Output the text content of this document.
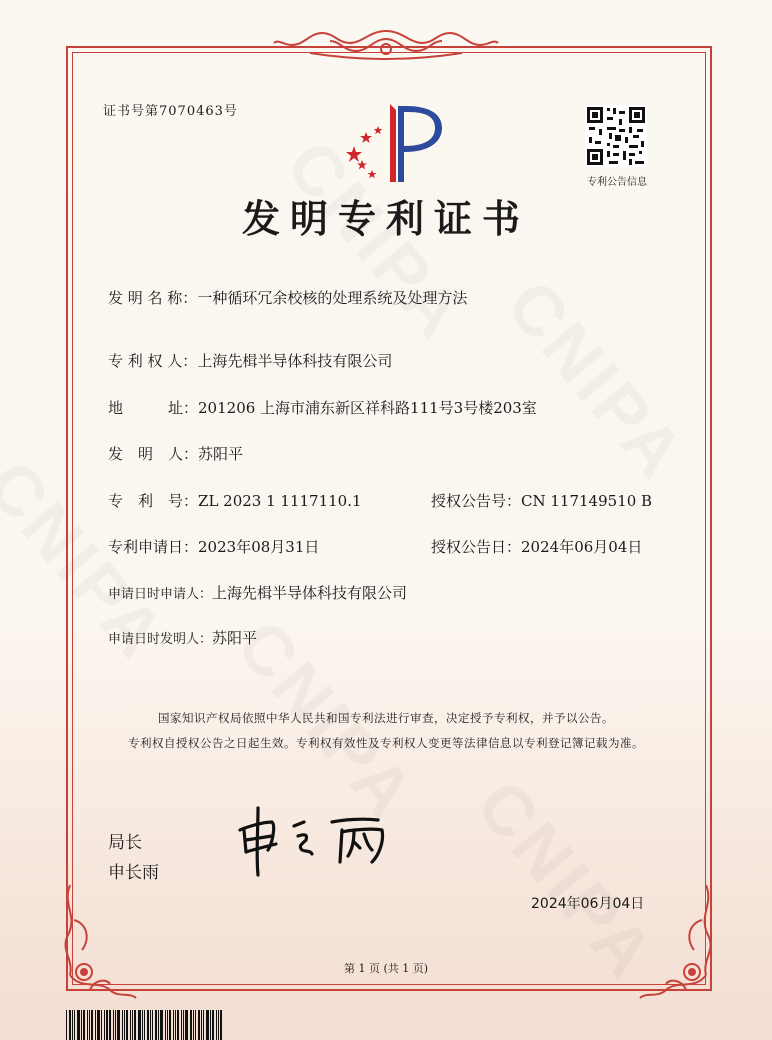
证书号第7070463号
专利公告信息
发明专利证书
发 明 名 称：一种循环冗余校核的处理系统及处理方法
专 利 权 人：上海先楫半导体科技有限公司
地　　　址：201206 上海市浦东新区祥科路111号3号楼203室
发　明　人：苏阳平
专　利　号：ZL 2023 1 1117110.1	授权公告号：CN 117149510 B
专利申请日：2023年08月31日	授权公告日：2024年06月04日
申请日时申请人：上海先楫半导体科技有限公司
申请日时发明人：苏阳平
国家知识产权局依照中华人民共和国专利法进行审查，决定授予专利权，并予以公告。
专利权自授权公告之日起生效。专利权有效性及专利权人变更等法律信息以专利登记簿记载为准。
局长
申长雨
2024年06月04日
第 1 页 (共 1 页)
